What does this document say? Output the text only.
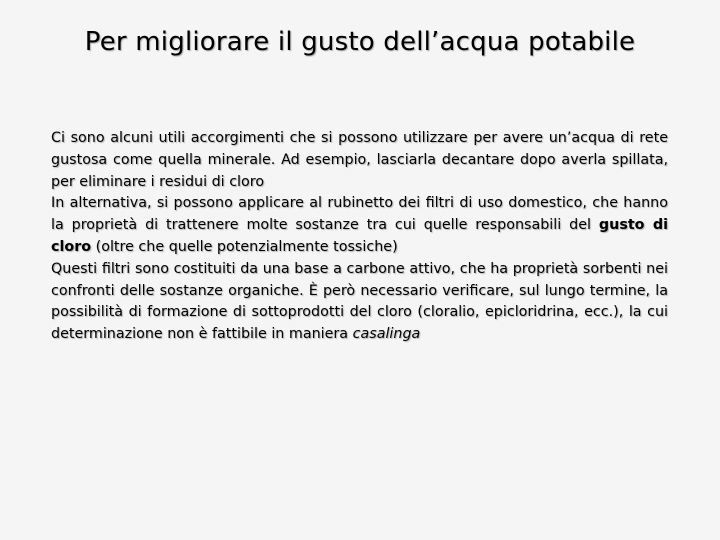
Per migliorare il gusto dell’acqua potabile

Ci sono alcuni utili accorgimenti che si possono utilizzare per avere un’acqua di rete gustosa come quella minerale. Ad esempio, lasciarla decantare dopo averla spillata, per eliminare i residui di cloro

In alternativa, si possono applicare al rubinetto dei filtri di uso domestico, che hanno la proprietà di trattenere molte sostanze tra cui quelle responsabili del gusto di cloro (oltre che quelle potenzialmente tossiche)

Questi filtri sono costituiti da una base a carbone attivo, che ha proprietà sorbenti nei confronti delle sostanze organiche. È però necessario verificare, sul lungo termine, la possibilità di formazione di sottoprodotti del cloro (cloralio, epicloridrina, ecc.), la cui determinazione non è fattibile in maniera casalinga
